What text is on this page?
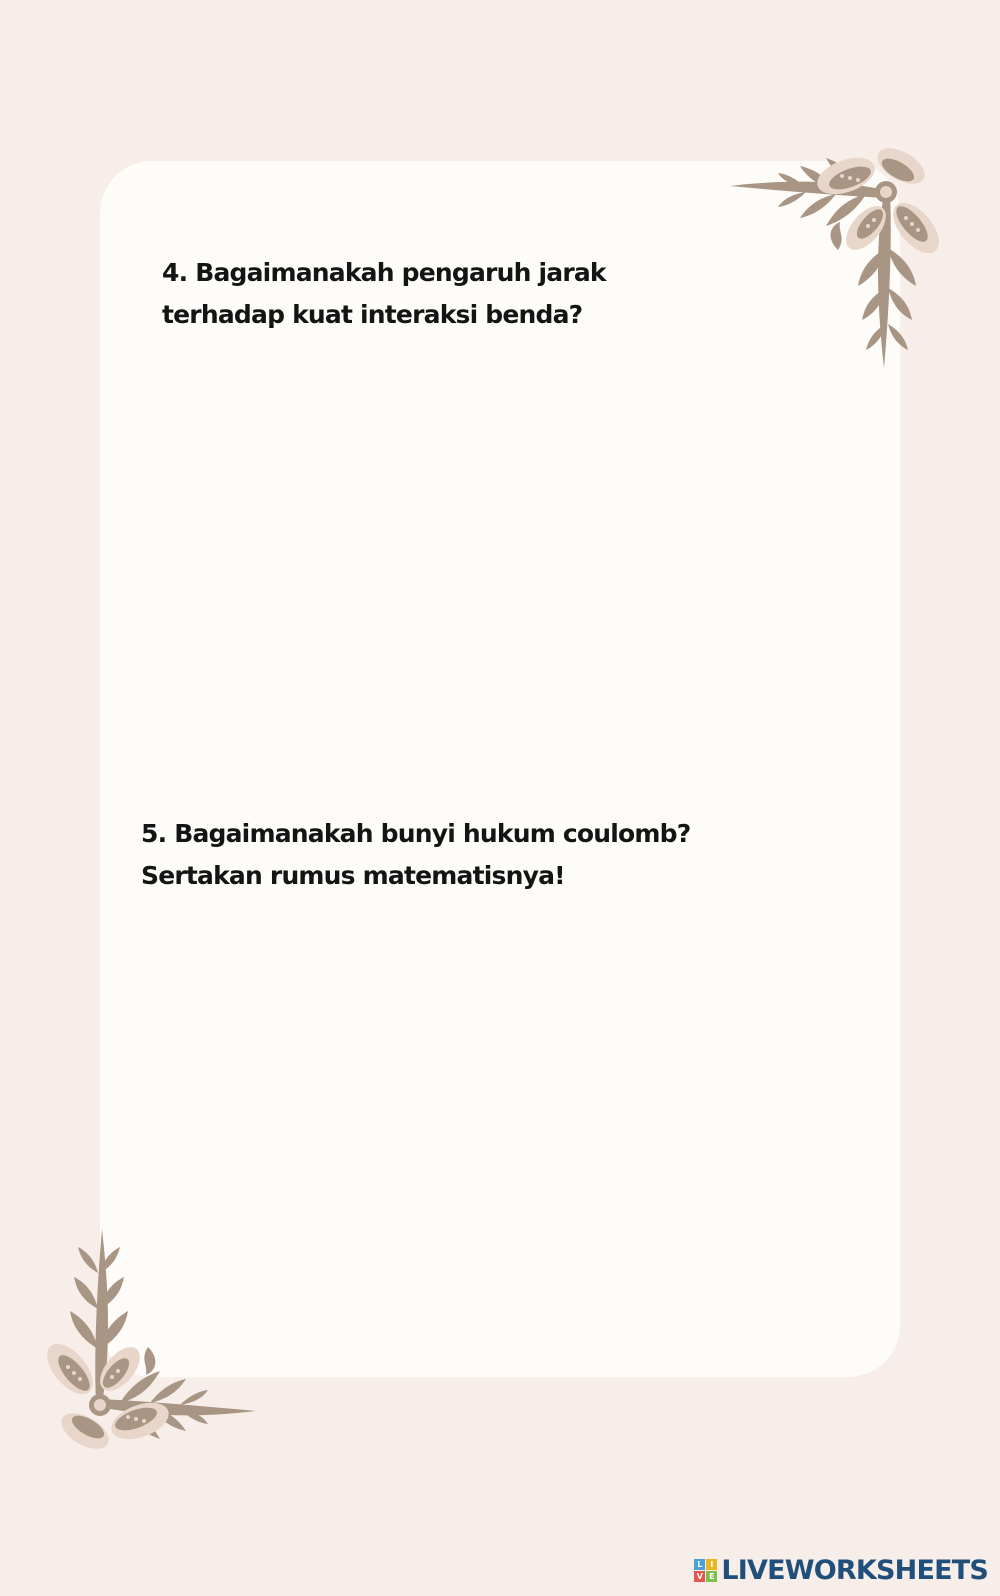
4. Bagaimanakah pengaruh jarak terhadap kuat interaksi benda?

5. Bagaimanakah bunyi hukum coulomb? Sertakan rumus matematisnya!

L I
V E LIVEWORKSHEETS
